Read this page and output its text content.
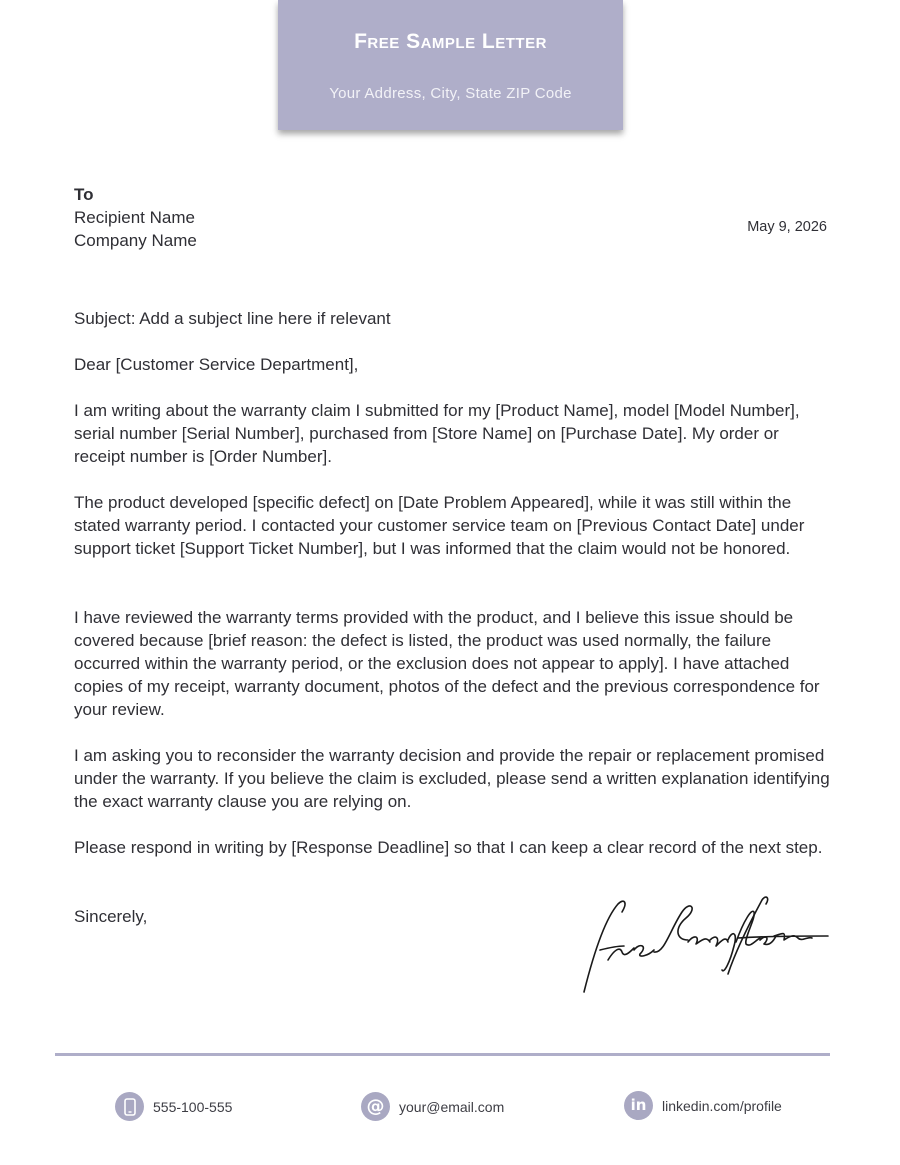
Free Sample Letter
Your Address, City, State ZIP Code
To
Recipient Name
Company Name
May 9, 2026

Subject: Add a subject line here if relevant

Dear [Customer Service Department],

I am writing about the warranty claim I submitted for my [Product Name], model [Model Number], serial number [Serial Number], purchased from [Store Name] on [Purchase Date]. My order or receipt number is [Order Number].

The product developed [specific defect] on [Date Problem Appeared], while it was still within the stated warranty period. I contacted your customer service team on [Previous Contact Date] under support ticket [Support Ticket Number], but I was informed that the claim would not be honored.

I have reviewed the warranty terms provided with the product, and I believe this issue should be covered because [brief reason: the defect is listed, the product was used normally, the failure occurred within the warranty period, or the exclusion does not appear to apply]. I have attached copies of my receipt, warranty document, photos of the defect and the previous correspondence for your review.

I am asking you to reconsider the warranty decision and provide the repair or replacement promised under the warranty. If you believe the claim is excluded, please send a written explanation identifying the exact warranty clause you are relying on.

Please respond in writing by [Response Deadline] so that I can keep a clear record of the next step.

Sincerely,

555-100-555	@ your@email.com	in linkedin.com/profile
